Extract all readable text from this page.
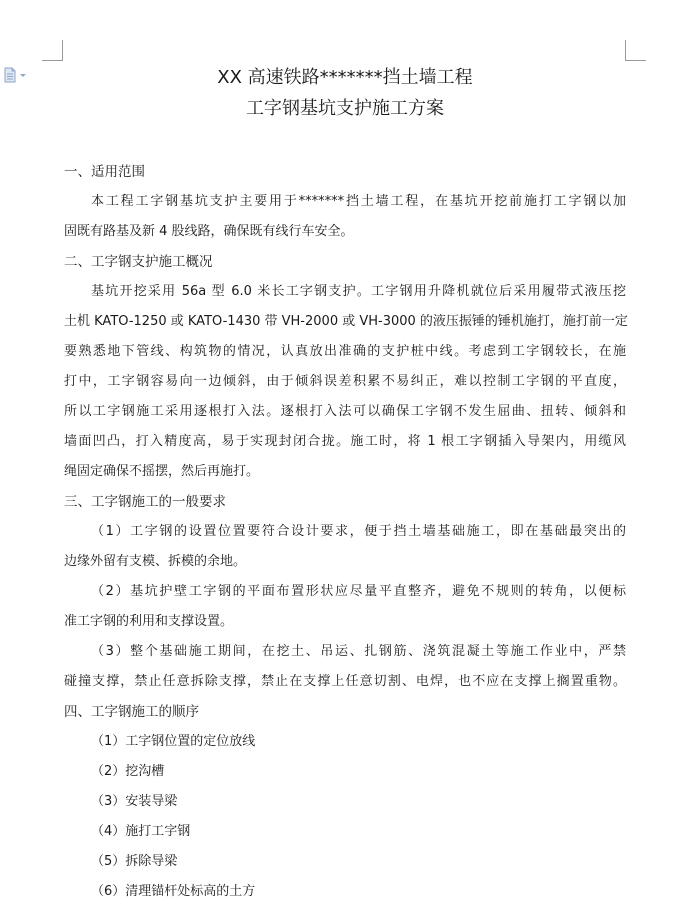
XX 高速铁路*******挡土墙工程
工字钢基坑支护施工方案
一、适用范围
本工程工字钢基坑支护主要用于*******挡土墙工程，在基坑开挖前施打工字钢以加
固既有路基及新 4 股线路，确保既有线行车安全。
二、工字钢支护施工概况
基坑开挖采用 56a 型 6.0 米长工字钢支护。工字钢用升降机就位后采用履带式液压挖
土机 KATO-1250 或 KATO-1430 带 VH-2000 或 VH-3000 的液压振锤的锤机施打，施打前一定
要熟悉地下管线、构筑物的情况，认真放出准确的支护桩中线。考虑到工字钢较长，在施
打中，工字钢容易向一边倾斜，由于倾斜误差积累不易纠正，难以控制工字钢的平直度，
所以工字钢施工采用逐根打入法。逐根打入法可以确保工字钢不发生屈曲、扭转、倾斜和
墙面凹凸，打入精度高，易于实现封闭合拢。施工时，将 1 根工字钢插入导架内，用缆风
绳固定确保不摇摆，然后再施打。
三、工字钢施工的一般要求
（1）工字钢的设置位置要符合设计要求，便于挡土墙基础施工，即在基础最突出的
边缘外留有支模、拆模的余地。
（2）基坑护壁工字钢的平面布置形状应尽量平直整齐，避免不规则的转角，以便标
准工字钢的利用和支撑设置。
（3）整个基础施工期间，在挖土、吊运、扎钢筋、浇筑混凝土等施工作业中，严禁
碰撞支撑，禁止任意拆除支撑，禁止在支撑上任意切割、电焊，也不应在支撑上搁置重物。
四、工字钢施工的顺序
（1）工字钢位置的定位放线
（2）挖沟槽
（3）安装导梁
（4）施打工字钢
（5）拆除导梁
（6）清理锚杆处标高的土方
